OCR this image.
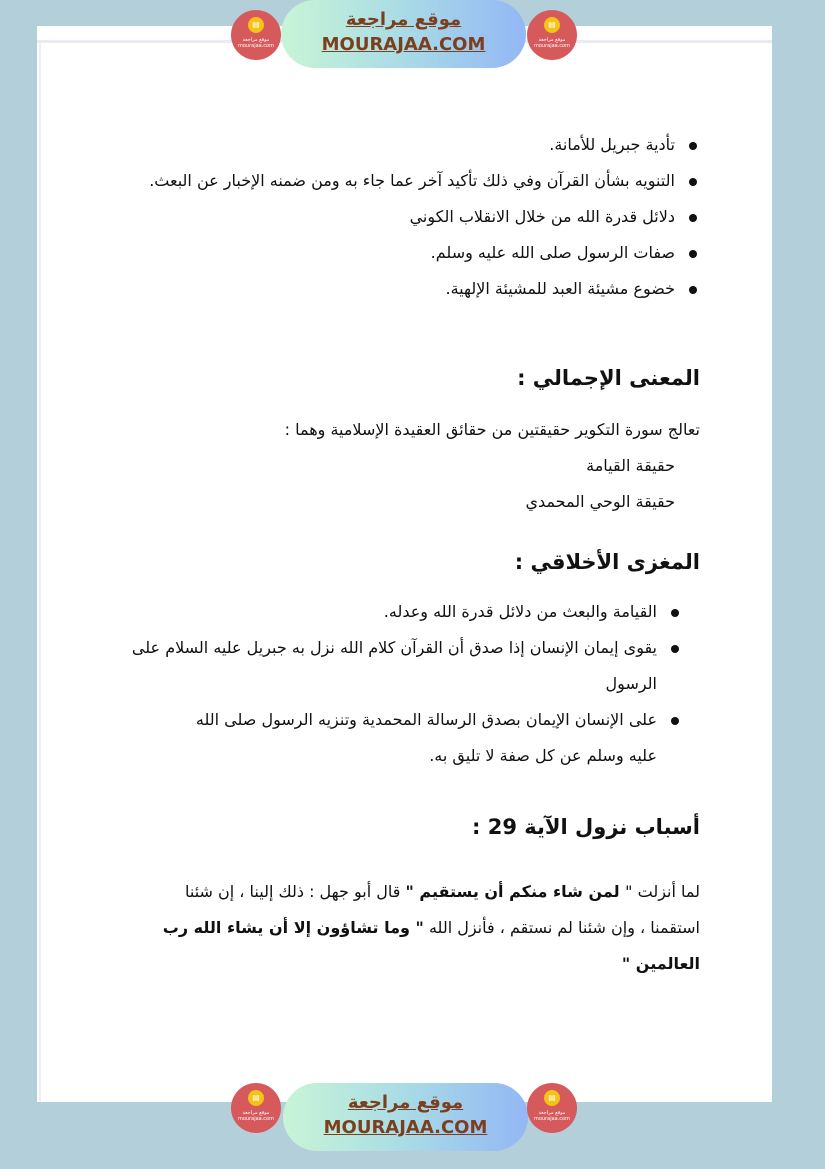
▤
موقع مراجعة mourajaa.com
موقع مراجعة
MOURAJAA.COM
▤
موقع مراجعة mourajaa.com
تأدية جبريل للأمانة.
التنويه بشأن القرآن وفي ذلك تأكيد آخر عما جاء به ومن ضمنه الإخبار عن البعث.
دلائل قدرة الله من خلال الانقلاب الكوني
صفات الرسول صلى الله عليه وسلم.
خضوع مشيئة العبد للمشيئة الإلهية.
المعنى الإجمالي :

تعالج سورة التكوير حقيقتين من حقائق العقيدة الإسلامية وهما :

حقيقة القيامة

حقيقة الوحي المحمدي

المغزى الأخلاقي :
القيامة والبعث من دلائل قدرة الله وعدله.
يقوى إيمان الإنسان إذا صدق أن القرآن كلام الله نزل به جبريل عليه السلام على الرسول
على الإنسان الإيمان بصدق الرسالة المحمدية وتنزيه الرسول صلى الله عليه وسلم عن كل صفة لا تليق به.
أسباب نزول الآية 29 :

لما أنزلت " لمن شاء منكم أن يستقيم " قال أبو جهل : ذلك إلينا ، إن شئنا استقمنا ، وإن شئنا لم نستقم ، فأنزل الله " وما تشاؤون إلا أن يشاء الله رب العالمين "

▤
موقع مراجعة mourajaa.com
موقع مراجعة
MOURAJAA.COM
▤
موقع مراجعة mourajaa.com
